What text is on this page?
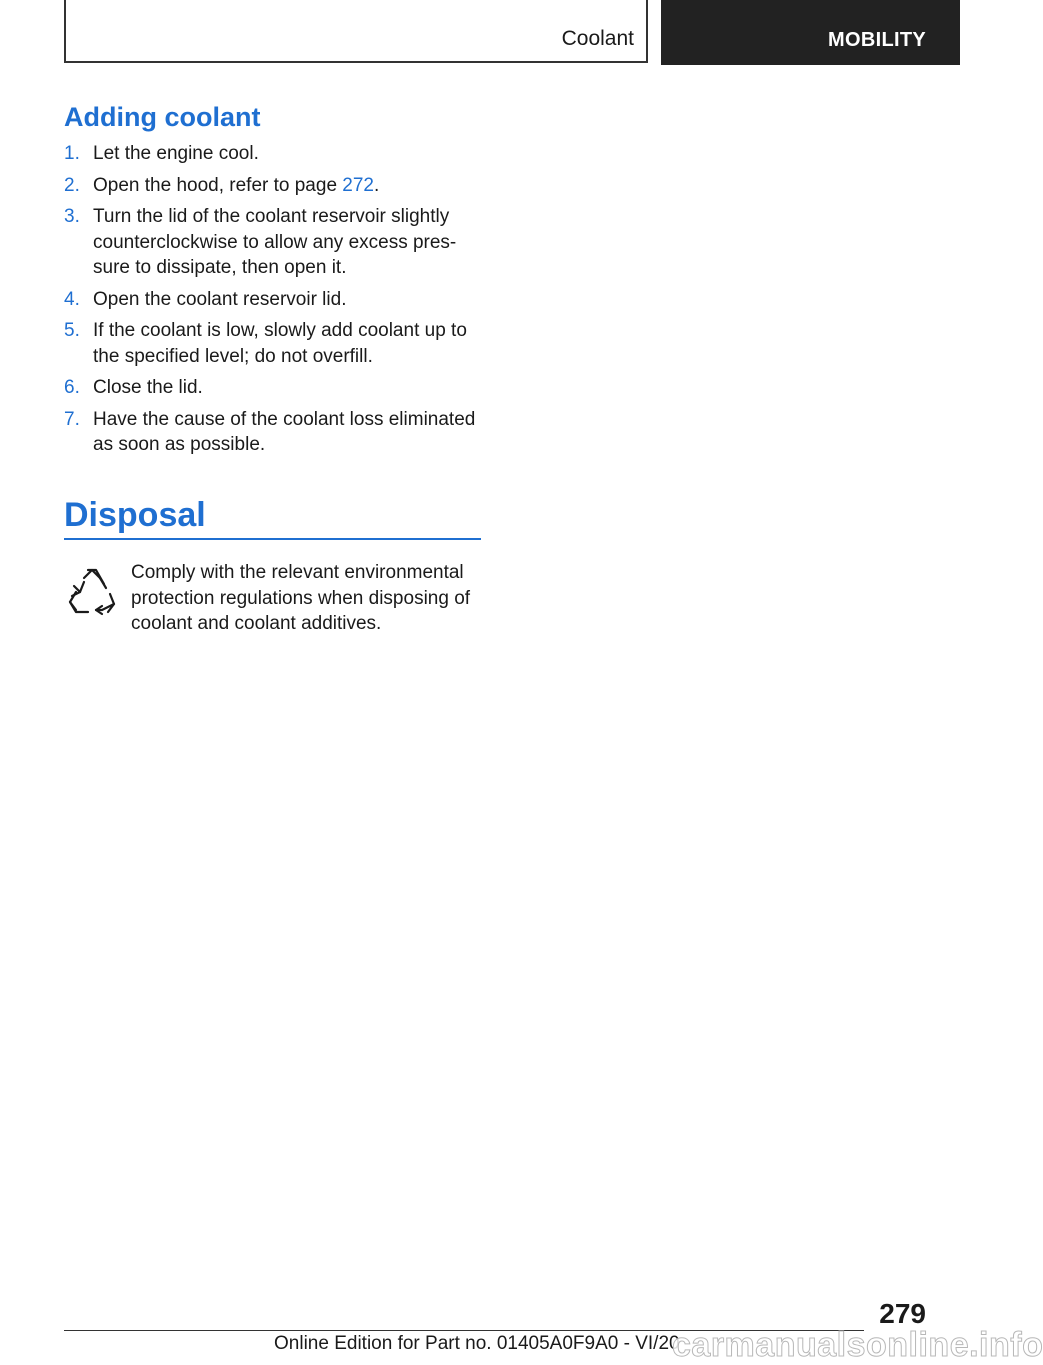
Coolant	MOBILITY
Adding coolant
1. Let the engine cool.
2. Open the hood, refer to page 272.
3. Turn the lid of the coolant reservoir slightly counterclockwise to allow any excess pres-sure to dissipate, then open it.
4. Open the coolant reservoir lid.
5. If the coolant is low, slowly add coolant up to the specified level; do not overfill.
6. Close the lid.
7. Have the cause of the coolant loss eliminated as soon as possible.
Disposal
Comply with the relevant environmental protection regulations when disposing of coolant and coolant additives.
279
Online Edition for Part no. 01405A0F9A0 - VI/20
carmanualsonline.info
